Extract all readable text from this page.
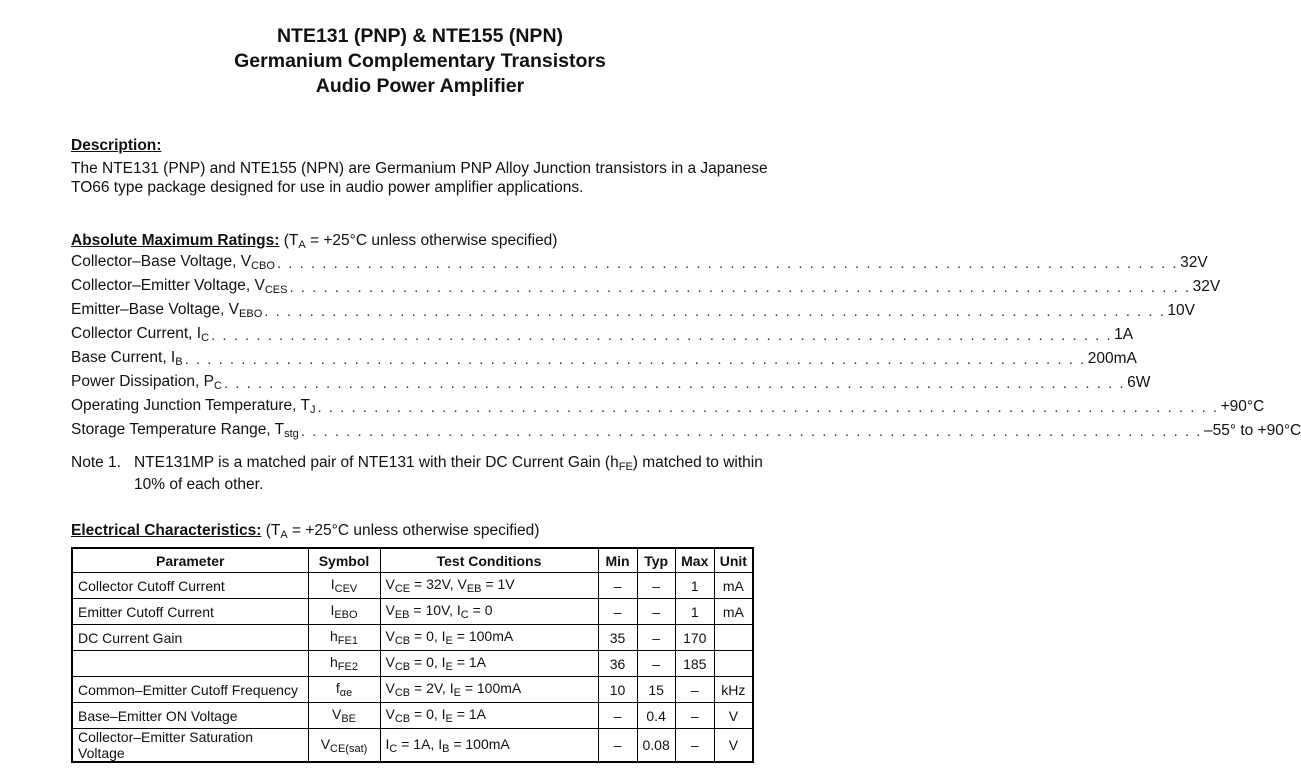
NTE131 (PNP) & NTE155 (NPN)
Germanium Complementary Transistors
Audio Power Amplifier
Description:
The NTE131 (PNP) and NTE155 (NPN) are Germanium PNP Alloy Junction transistors in a Japanese TO66 type package designed for use in audio power amplifier applications.
Absolute Maximum Ratings: ($T_A = +25^\circ C$ unless otherwise specified)
Collector–Base Voltage, $V_{CBO}$ . . . . . . . . . . . . . . . . . . . . . . . . . . . . . . . . . . . . . . . . . . . . . . . . . . . . . . . . . . . . . . . . . . . . . . . . . . . . . . . . 32V
Collector–Emitter Voltage, $V_{CES}$ . . . . . . . . . . . . . . . . . . . . . . . . . . . . . . . . . . . . . . . . . . . . . . . . . . . . . . . . . . . . . . . . . . . . . . . . . . . . . . . . 32V
Emitter–Base Voltage, $V_{EBO}$ . . . . . . . . . . . . . . . . . . . . . . . . . . . . . . . . . . . . . . . . . . . . . . . . . . . . . . . . . . . . . . . . . . . . . . . . . . . . . . . . 10V
Collector Current, $I_C$ . . . . . . . . . . . . . . . . . . . . . . . . . . . . . . . . . . . . . . . . . . . . . . . . . . . . . . . . . . . . . . . . . . . . . . . . . . . . . . . . 1A
Base Current, $I_B$ . . . . . . . . . . . . . . . . . . . . . . . . . . . . . . . . . . . . . . . . . . . . . . . . . . . . . . . . . . . . . . . . . . . . . . . . . . . . . . . . 200mA
Power Dissipation, $P_C$ . . . . . . . . . . . . . . . . . . . . . . . . . . . . . . . . . . . . . . . . . . . . . . . . . . . . . . . . . . . . . . . . . . . . . . . . . . . . . . . . 6W
Operating Junction Temperature, $T_J$ . . . . . . . . . . . . . . . . . . . . . . . . . . . . . . . . . . . . . . . . . . . . . . . . . . . . . . . . . . . . . . . . . . . . . . . . . . . . . . . . +90°C
Storage Temperature Range, $T_{stg}$ . . . . . . . . . . . . . . . . . . . . . . . . . . . . . . . . . . . . . . . . . . . . . . . . . . . . . . . . . . . . . . . . . . . . . . . . . . . . . . . . –55° to +90°C
Note 1. NTE131MP is a matched pair of NTE131 with their DC Current Gain $(h_{FE})$ matched to within 10% of each other.
Electrical Characteristics: ($T_A = +25^\circ C$ unless otherwise specified)
Parameter	Symbol	Test Conditions	Min	Typ	Max	Unit
Collector Cutoff Current	$I_{CEV}$	$V_{CE} = 32V$, $V_{EB} = 1V$	–	–	1	mA
Emitter Cutoff Current	$I_{EBO}$	$V_{EB} = 10V$, $I_C = 0$	–	–	1	mA
DC Current Gain	$h_{FE1}$	$V_{CB} = 0$, $I_E = 100mA$	35	–	170	
	$h_{FE2}$	$V_{CB} = 0$, $I_E = 1A$	36	–	185	
Common–Emitter Cutoff Frequency	$f_{\alpha e}$	$V_{CB} = 2V$, $I_E = 100mA$	10	15	–	kHz
Base–Emitter ON Voltage	$V_{BE}$	$V_{CB} = 0$, $I_E = 1A$	–	0.4	–	V
Collector–Emitter Saturation Voltage	$V_{CE(sat)}$	$I_C = 1A$, $I_B = 100mA$	–	0.08	–	V
